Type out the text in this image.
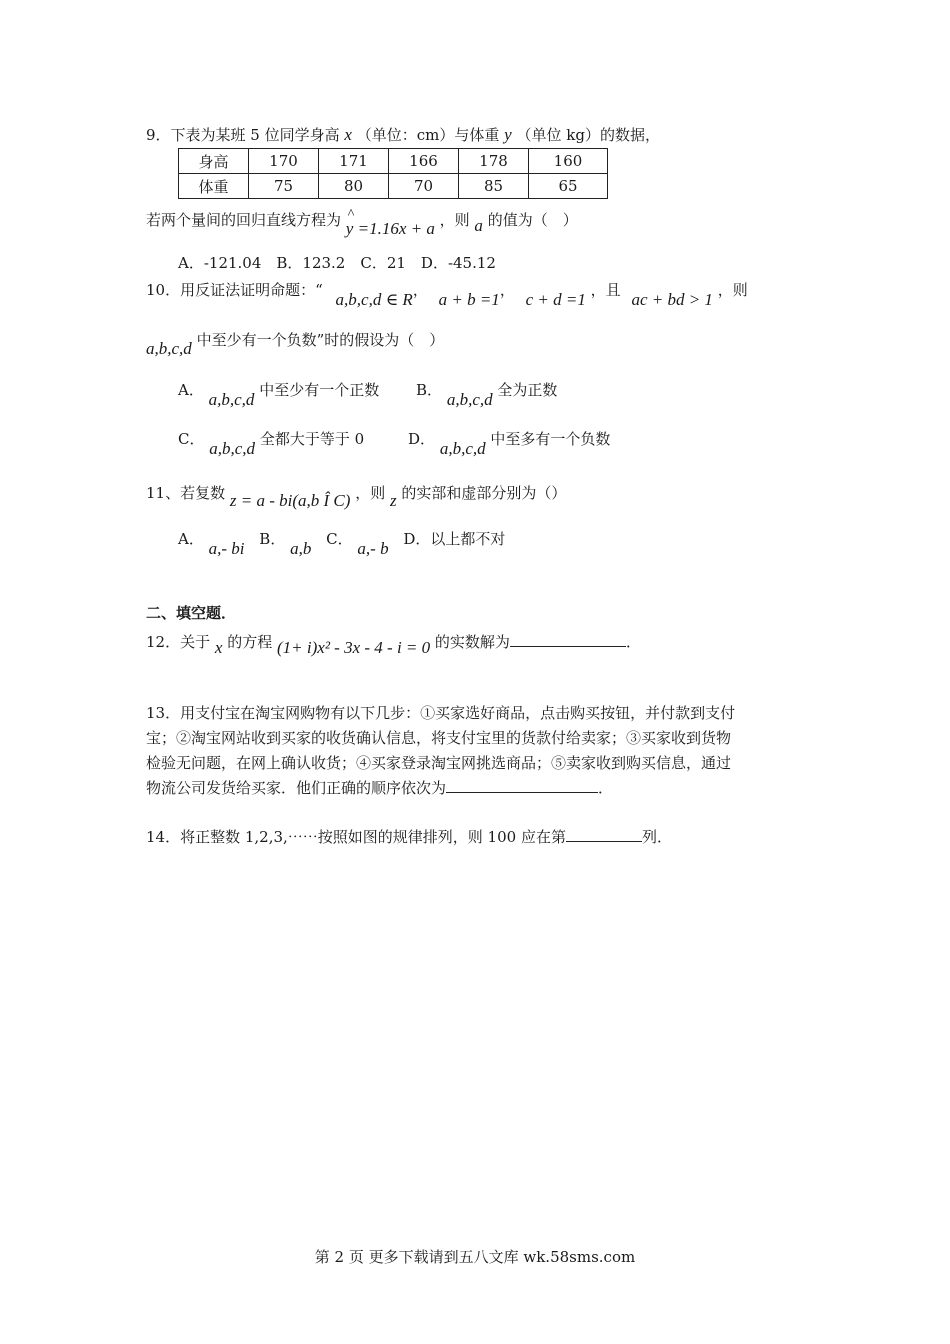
9．下表为某班 5 位同学身高 x （单位：cm）与体重 y （单位 kg）的数据，
身高	170	171	166	178	160
体重	75	80	70	85	65
若两个量间的回归直线方程为 ^ y =1.16x + a ，则 a 的值为（　）
A．‐121.04　B．123.2　C．21　D．‐45.12
10．用反证法证明命题：“ a,b,c,d ∈ R， a + b =1， c + d =1 ，且 ac + bd > 1 ，则
a,b,c,d 中至少有一个负数”时的假设为（　）
A． a,b,c,d 中至少有一个正数 B． a,b,c,d 全为正数
C． a,b,c,d 全都大于等于 0	D． a,b,c,d 中至多有一个负数
11、若复数 z = a - bi(a,b Î C) ，则 z 的实部和虚部分别为（）
A． a,- bi B． a,b C． a,- b D．以上都不对
二、填空题．
12．关于 x 的方程 (1+ i)x² - 3x - 4 - i = 0 的实数解为	．
13．用支付宝在淘宝网购物有以下几步：①买家选好商品，点击购买按钮，并付款到支付
宝；②淘宝网站收到买家的收货确认信息，将支付宝里的货款付给卖家；③买家收到货物
检验无问题，在网上确认收货；④买家登录淘宝网挑选商品；⑤卖家收到购买信息，通过
物流公司发货给买家．他们正确的顺序依次为	．
14．将正整数 1,2,3,⋯⋯按照如图的规律排列，则 100 应在第	列．
第 2 页 更多下载请到五八文库 wk.58sms.com
